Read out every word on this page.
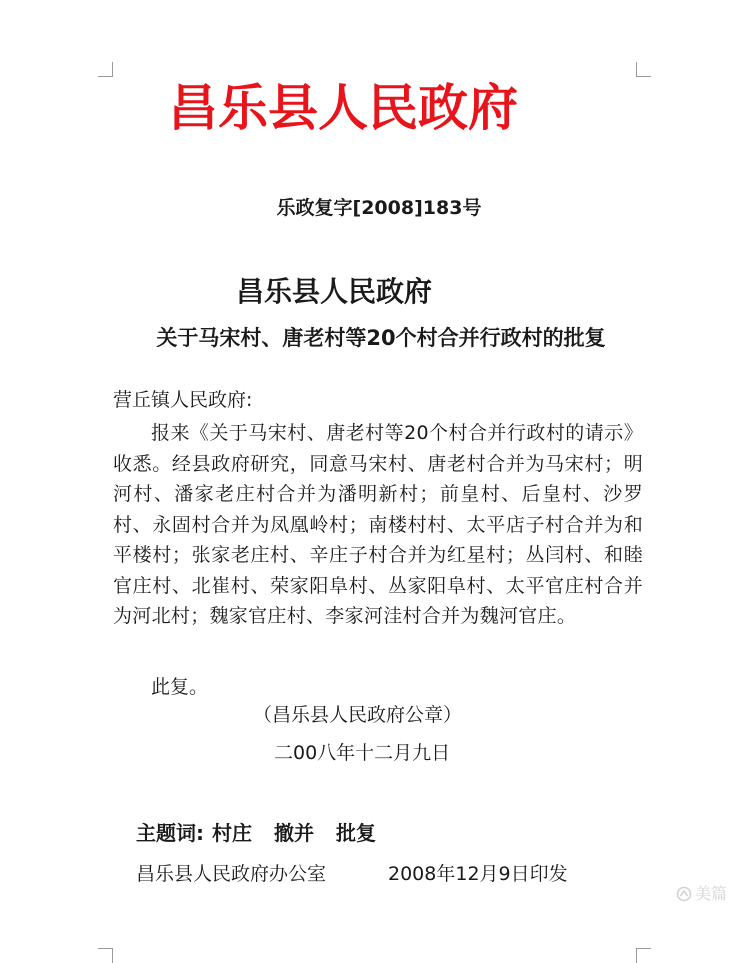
昌乐县人民政府
乐政复字[2008]183号
昌乐县人民政府
关于马宋村、唐老村等20个村合并行政村的批复
营丘镇人民政府:
报来《关于马宋村、唐老村等20个村合并行政村的请示》收悉。经县政府研究，同意马宋村、唐老村合并为马宋村；明河村、潘家老庄村合并为潘明新村；前皇村、后皇村、沙罗村、永固村合并为凤凰岭村；南楼村村、太平店子村合并为和平楼村；张家老庄村、辛庄子村合并为红星村；丛闫村、和睦官庄村、北崔村、荣家阳阜村、丛家阳阜村、太平官庄村合并为河北村；魏家官庄村、李家河洼村合并为魏河官庄。
此复。
（昌乐县人民政府公章）
二00八年十二月九日
主题词: 村庄 撤并 批复
昌乐县人民政府办公室	2008年12月9日印发
美篇
